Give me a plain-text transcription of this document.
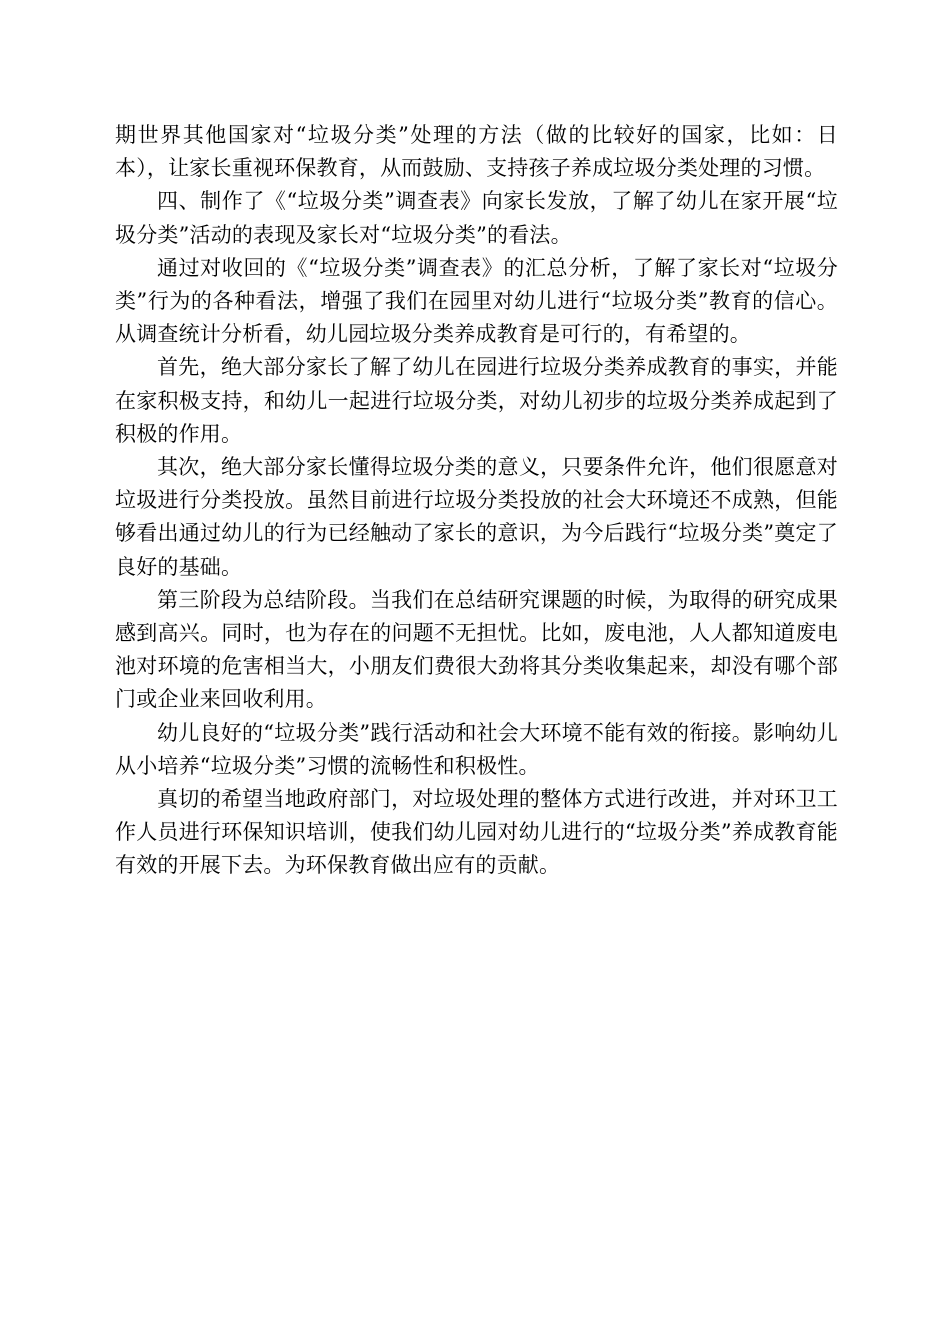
期世界其他国家对“垃圾分类”处理的方法（做的比较好的国家，比如：日本），让家长重视环保教育，从而鼓励、支持孩子养成垃圾分类处理的习惯。

四、制作了《“垃圾分类”调查表》向家长发放，了解了幼儿在家开展“垃圾分类”活动的表现及家长对“垃圾分类”的看法。

通过对收回的《“垃圾分类”调查表》的汇总分析，了解了家长对“垃圾分类”行为的各种看法，增强了我们在园里对幼儿进行“垃圾分类”教育的信心。从调查统计分析看，幼儿园垃圾分类养成教育是可行的，有希望的。

首先，绝大部分家长了解了幼儿在园进行垃圾分类养成教育的事实，并能在家积极支持，和幼儿一起进行垃圾分类，对幼儿初步的垃圾分类养成起到了积极的作用。

其次，绝大部分家长懂得垃圾分类的意义，只要条件允许，他们很愿意对垃圾进行分类投放。虽然目前进行垃圾分类投放的社会大环境还不成熟，但能够看出通过幼儿的行为已经触动了家长的意识，为今后践行“垃圾分类”奠定了良好的基础。

第三阶段为总结阶段。当我们在总结研究课题的时候，为取得的研究成果感到高兴。同时，也为存在的问题不无担忧。比如，废电池，人人都知道废电池对环境的危害相当大，小朋友们费很大劲将其分类收集起来，却没有哪个部门或企业来回收利用。

幼儿良好的“垃圾分类”践行活动和社会大环境不能有效的衔接。影响幼儿从小培养“垃圾分类”习惯的流畅性和积极性。

真切的希望当地政府部门，对垃圾处理的整体方式进行改进，并对环卫工作人员进行环保知识培训，使我们幼儿园对幼儿进行的“垃圾分类”养成教育能有效的开展下去。为环保教育做出应有的贡献。
